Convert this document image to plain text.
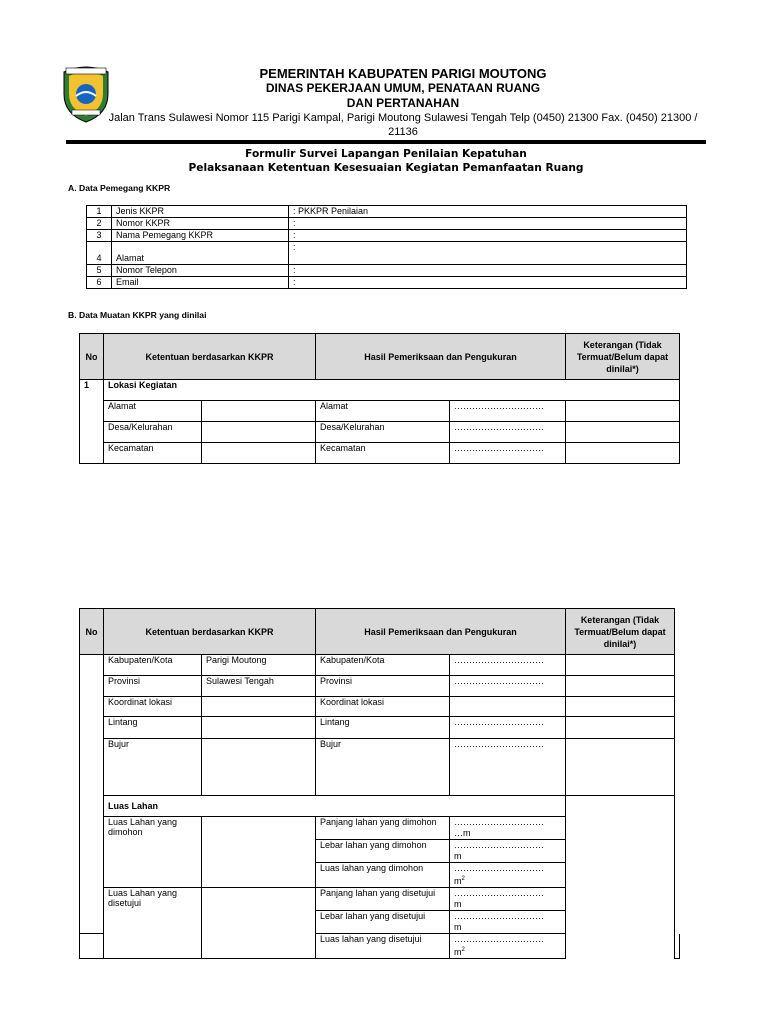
PEMERINTAH KABUPATEN PARIGI MOUTONG
DINAS PEKERJAAN UMUM, PENATAAN RUANG
DAN PERTANAHAN
Jalan Trans Sulawesi Nomor 115 Parigi Kampal, Parigi Moutong Sulawesi Tengah Telp (0450) 21300 Fax. (0450) 21300 / 21136
Formulir Survei Lapangan Penilaian Kepatuhan
Pelaksanaan Ketentuan Kesesuaian Kegiatan Pemanfaatan Ruang
A. Data Pemegang KKPR
1	Jenis KKPR	: PKKPR Penilaian
2	Nomor KKPR	:
3	Nama Pemegang KKPR	:
4	Alamat	:
5	Nomor Telepon	:
6	Email	:
B. Data Muatan KKPR yang dinilai
No	Ketentuan berdasarkan KKPR		Hasil Pemeriksaan dan Pengukuran		Keterangan (Tidak Termuat/Belum dapat dinilai*)
1	Lokasi Kegiatan				
	Alamat		Alamat	…………………………	
	Desa/Kelurahan		Desa/Kelurahan	…………………………	
	Kecamatan		Kecamatan	…………………………	
No	Ketentuan berdasarkan KKPR		Hasil Pemeriksaan dan Pengukuran		Keterangan (Tidak Termuat/Belum dapat dinilai*)	
	Kabupaten/Kota	Parigi Moutong	Kabupaten/Kota	…………………………		
	Provinsi	Sulawesi Tengah	Provinsi	…………………………		
	Koordinat lokasi		Koordinat lokasi			
	Lintang		Lintang	…………………………		
	Bujur		Bujur	…………………………		
	Luas Lahan					
	Luas Lahan yang dimohon		Panjang lahan yang dimohon	…………………………
…m		
			Lebar lahan yang dimohon	…………………………
m		
			Luas lahan yang dimohon	…………………………
$m^2$
	Luas Lahan yang disetujui		Panjang lahan yang disetujui	…………………………
m		
			Lebar lahan yang disetujui	…………………………
m		
			Luas lahan yang disetujui	…………………………
$m^2$	
